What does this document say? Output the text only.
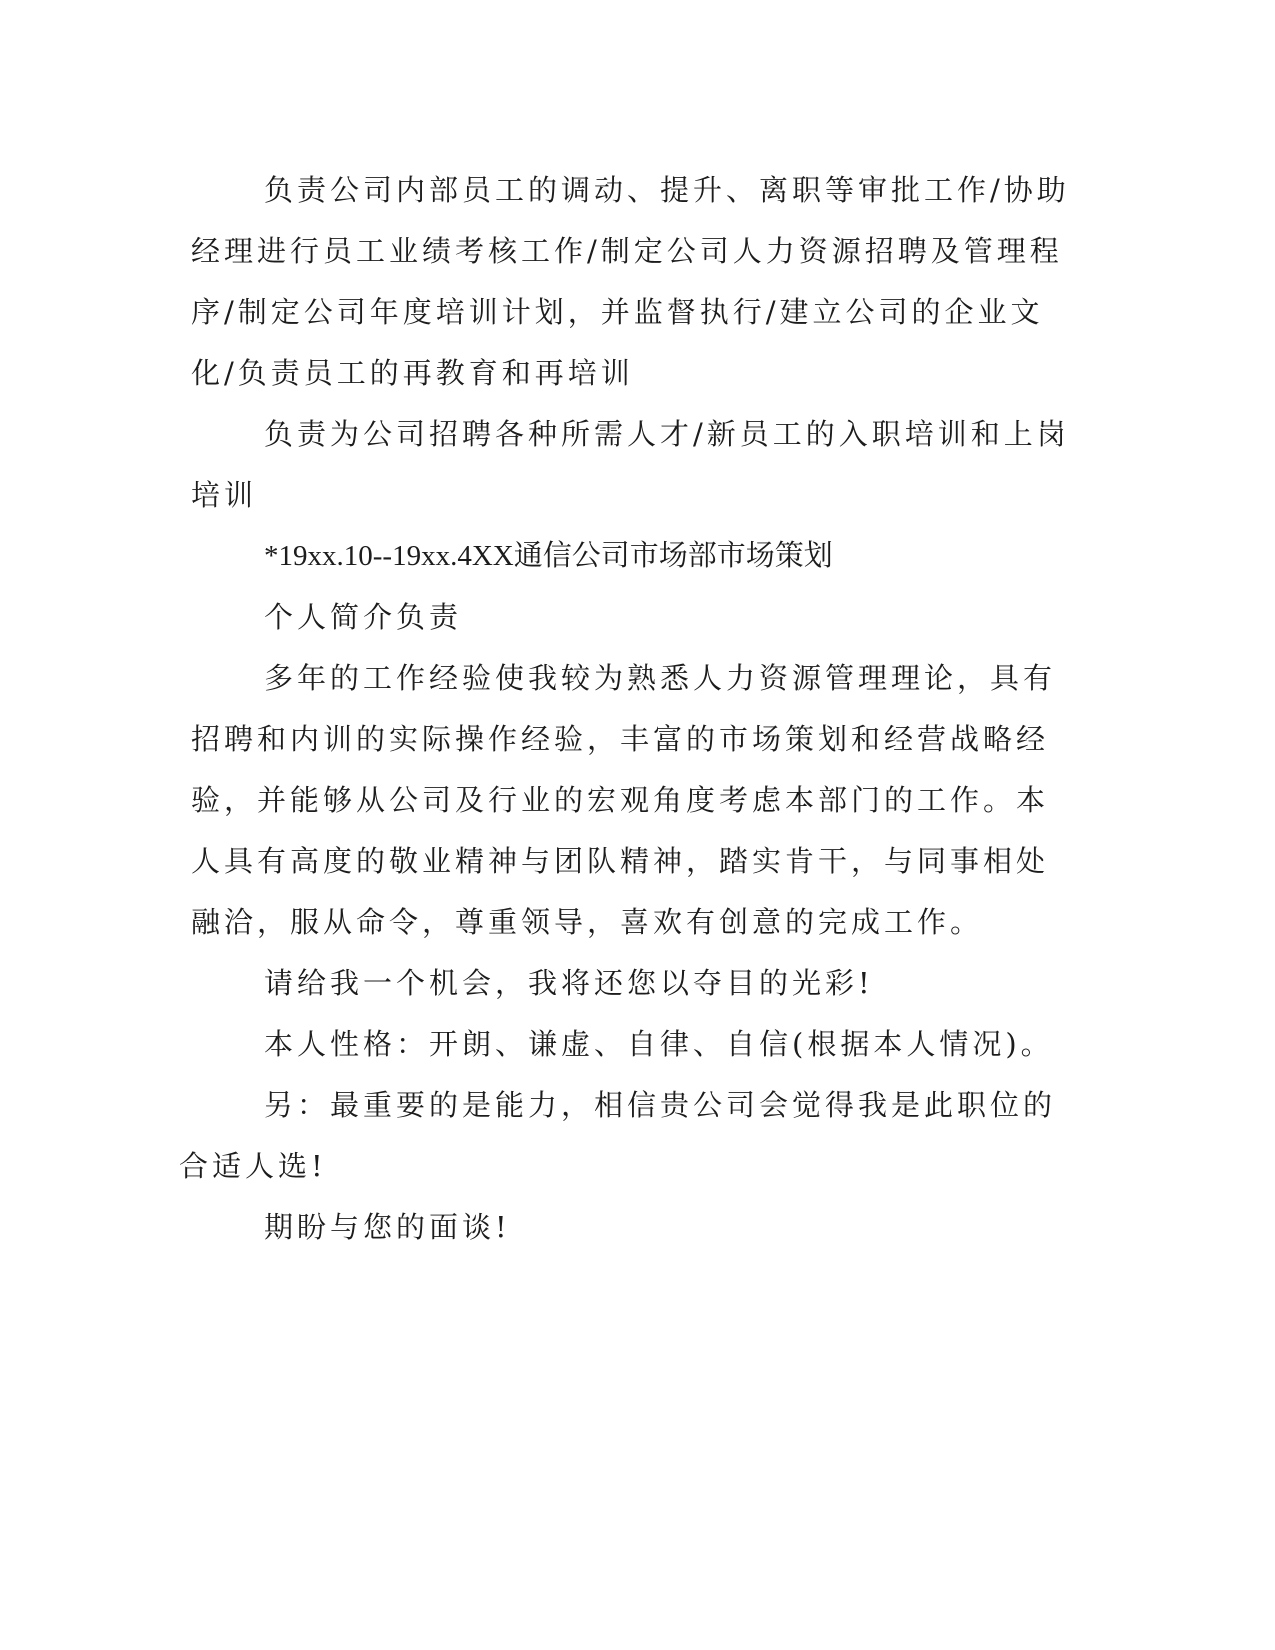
负责公司内部员工的调动、提升、离职等审批工作/协助经理进行员工业绩考核工作/制定公司人力资源招聘及管理程序/制定公司年度培训计划，并监督执行/建立公司的企业文化/负责员工的再教育和再培训

负责为公司招聘各种所需人才/新员工的入职培训和上岗培训

*19xx.10--19xx.4XX通信公司市场部市场策划

个人简介负责

多年的工作经验使我较为熟悉人力资源管理理论，具有招聘和内训的实际操作经验，丰富的市场策划和经营战略经验，并能够从公司及行业的宏观角度考虑本部门的工作。本人具有高度的敬业精神与团队精神，踏实肯干，与同事相处融洽，服从命令，尊重领导，喜欢有创意的完成工作。

请给我一个机会，我将还您以夺目的光彩!

本人性格：开朗、谦虚、自律、自信(根据本人情况)。

另：最重要的是能力，相信贵公司会觉得我是此职位的合适人选!

期盼与您的面谈!
